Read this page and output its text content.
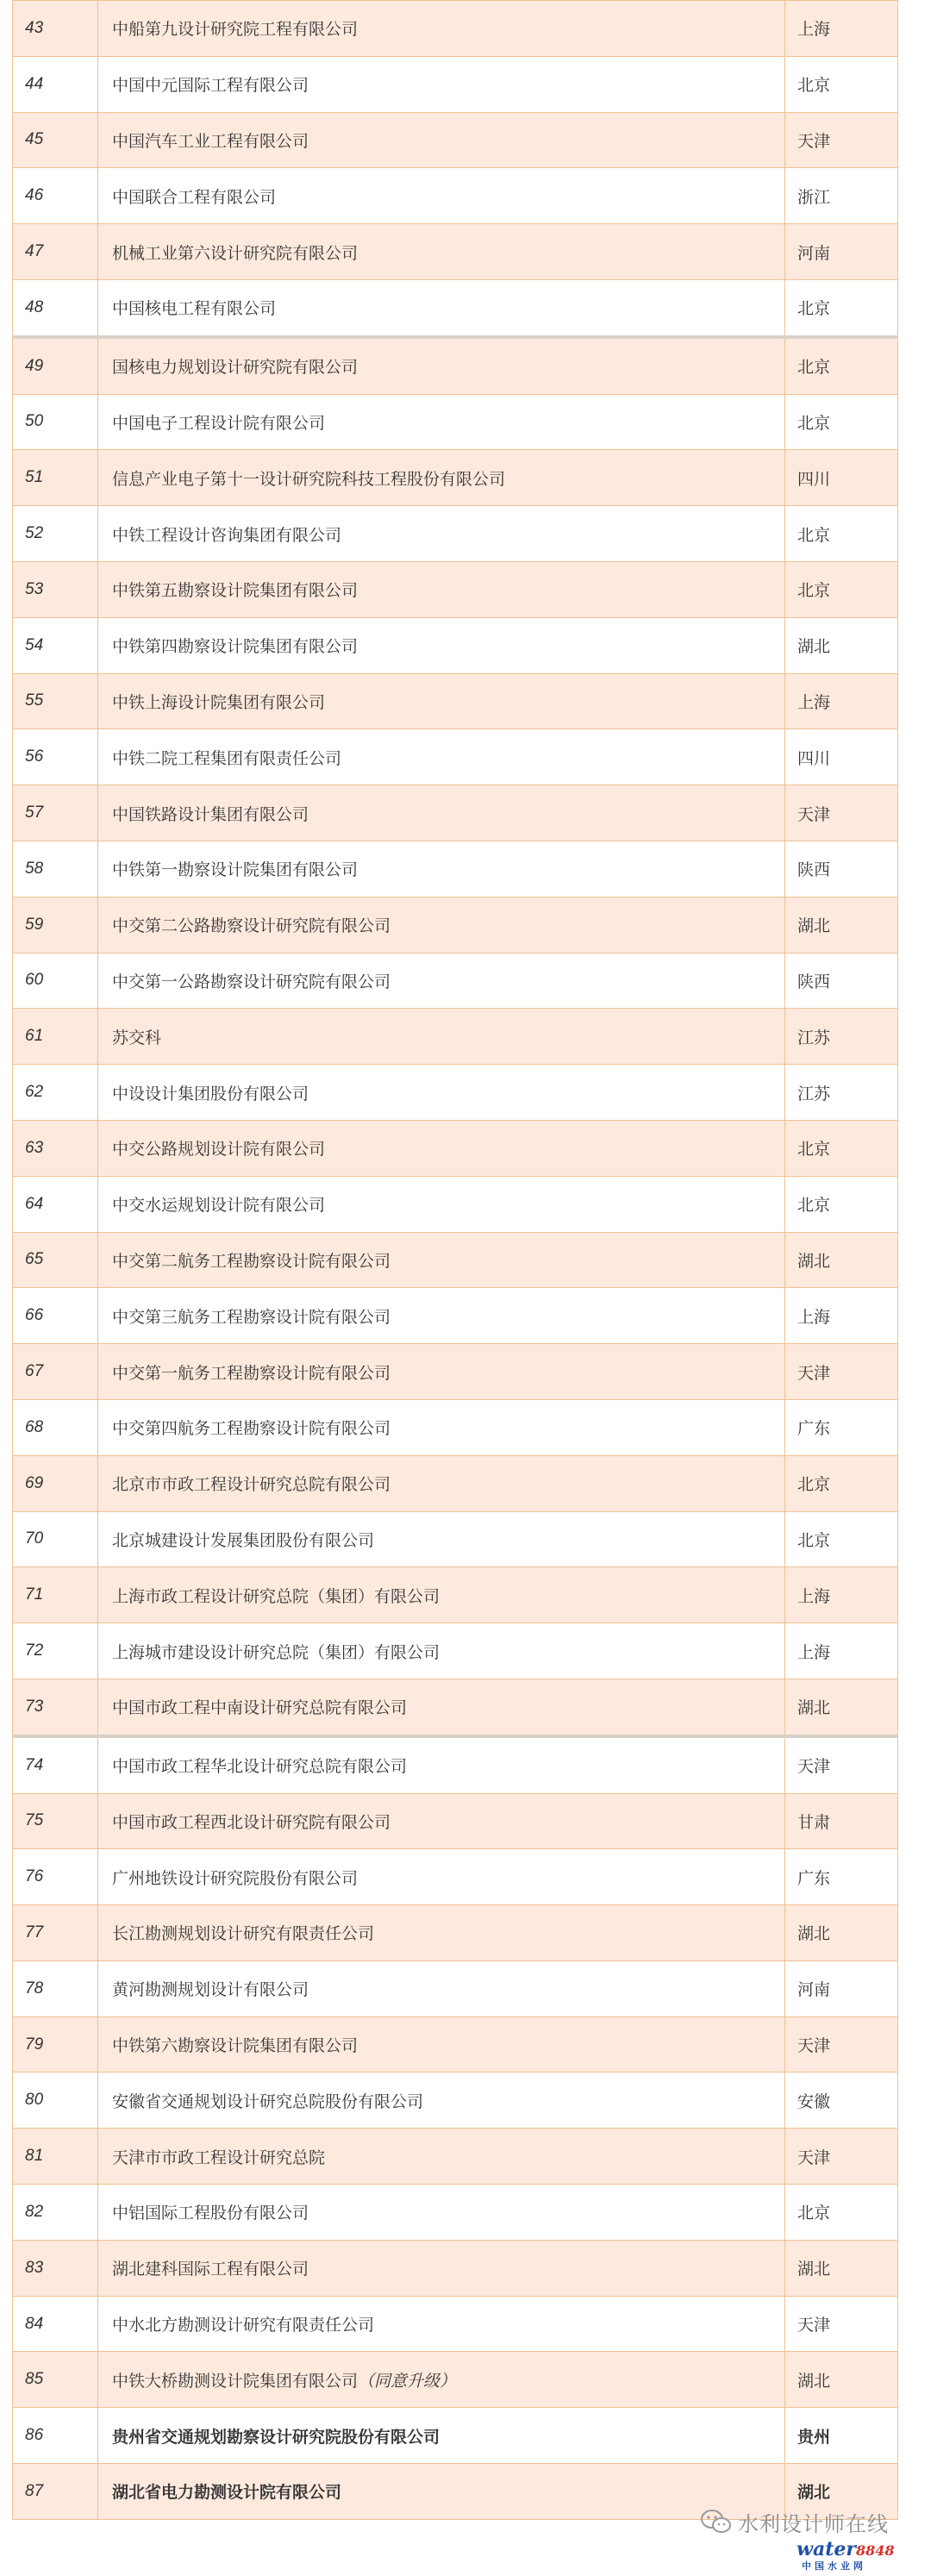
43	中船第九设计研究院工程有限公司	上海
44	中国中元国际工程有限公司	北京
45	中国汽车工业工程有限公司	天津
46	中国联合工程有限公司	浙江
47	机械工业第六设计研究院有限公司	河南
48	中国核电工程有限公司	北京
49	国核电力规划设计研究院有限公司	北京
50	中国电子工程设计院有限公司	北京
51	信息产业电子第十一设计研究院科技工程股份有限公司	四川
52	中铁工程设计咨询集团有限公司	北京
53	中铁第五勘察设计院集团有限公司	北京
54	中铁第四勘察设计院集团有限公司	湖北
55	中铁上海设计院集团有限公司	上海
56	中铁二院工程集团有限责任公司	四川
57	中国铁路设计集团有限公司	天津
58	中铁第一勘察设计院集团有限公司	陕西
59	中交第二公路勘察设计研究院有限公司	湖北
60	中交第一公路勘察设计研究院有限公司	陕西
61	苏交科	江苏
62	中设设计集团股份有限公司	江苏
63	中交公路规划设计院有限公司	北京
64	中交水运规划设计院有限公司	北京
65	中交第二航务工程勘察设计院有限公司	湖北
66	中交第三航务工程勘察设计院有限公司	上海
67	中交第一航务工程勘察设计院有限公司	天津
68	中交第四航务工程勘察设计院有限公司	广东
69	北京市市政工程设计研究总院有限公司	北京
70	北京城建设计发展集团股份有限公司	北京
71	上海市政工程设计研究总院（集团）有限公司	上海
72	上海城市建设设计研究总院（集团）有限公司	上海
73	中国市政工程中南设计研究总院有限公司	湖北
74	中国市政工程华北设计研究总院有限公司	天津
75	中国市政工程西北设计研究院有限公司	甘肃
76	广州地铁设计研究院股份有限公司	广东
77	长江勘测规划设计研究有限责任公司	湖北
78	黄河勘测规划设计有限公司	河南
79	中铁第六勘察设计院集团有限公司	天津
80	安徽省交通规划设计研究总院股份有限公司	安徽
81	天津市市政工程设计研究总院	天津
82	中铝国际工程股份有限公司	北京
83	湖北建科国际工程有限公司	湖北
84	中水北方勘测设计研究有限责任公司	天津
85	中铁大桥勘测设计院集团有限公司（同意升级）	湖北
86	贵州省交通规划勘察设计研究院股份有限公司	贵州
87	湖北省电力勘测设计院有限公司	湖北
水利设计师在线
water8848
中国水业网
